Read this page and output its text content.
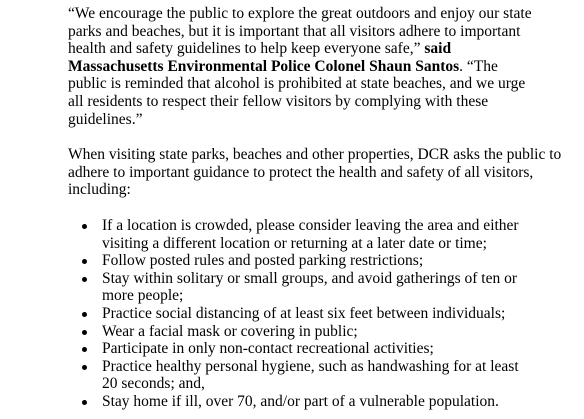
“We encourage the public to explore the great outdoors and enjoy our state parks and beaches, but it is important that all visitors adhere to important health and safety guidelines to help keep everyone safe,” said Massachusetts Environmental Police Colonel Shaun Santos. “The public is reminded that alcohol is prohibited at state beaches, and we urge all residents to respect their fellow visitors by complying with these guidelines.”

When visiting state parks, beaches and other properties, DCR asks the public to adhere to important guidance to protect the health and safety of all visitors, including:

If a location is crowded, please consider leaving the area and either visiting a different location or returning at a later date or time;
Follow posted rules and posted parking restrictions;
Stay within solitary or small groups, and avoid gatherings of ten or more people;
Practice social distancing of at least six feet between individuals;
Wear a facial mask or covering in public;
Participate in only non-contact recreational activities;
Practice healthy personal hygiene, such as handwashing for at least 20 seconds; and,
Stay home if ill, over 70, and/or part of a vulnerable population.
